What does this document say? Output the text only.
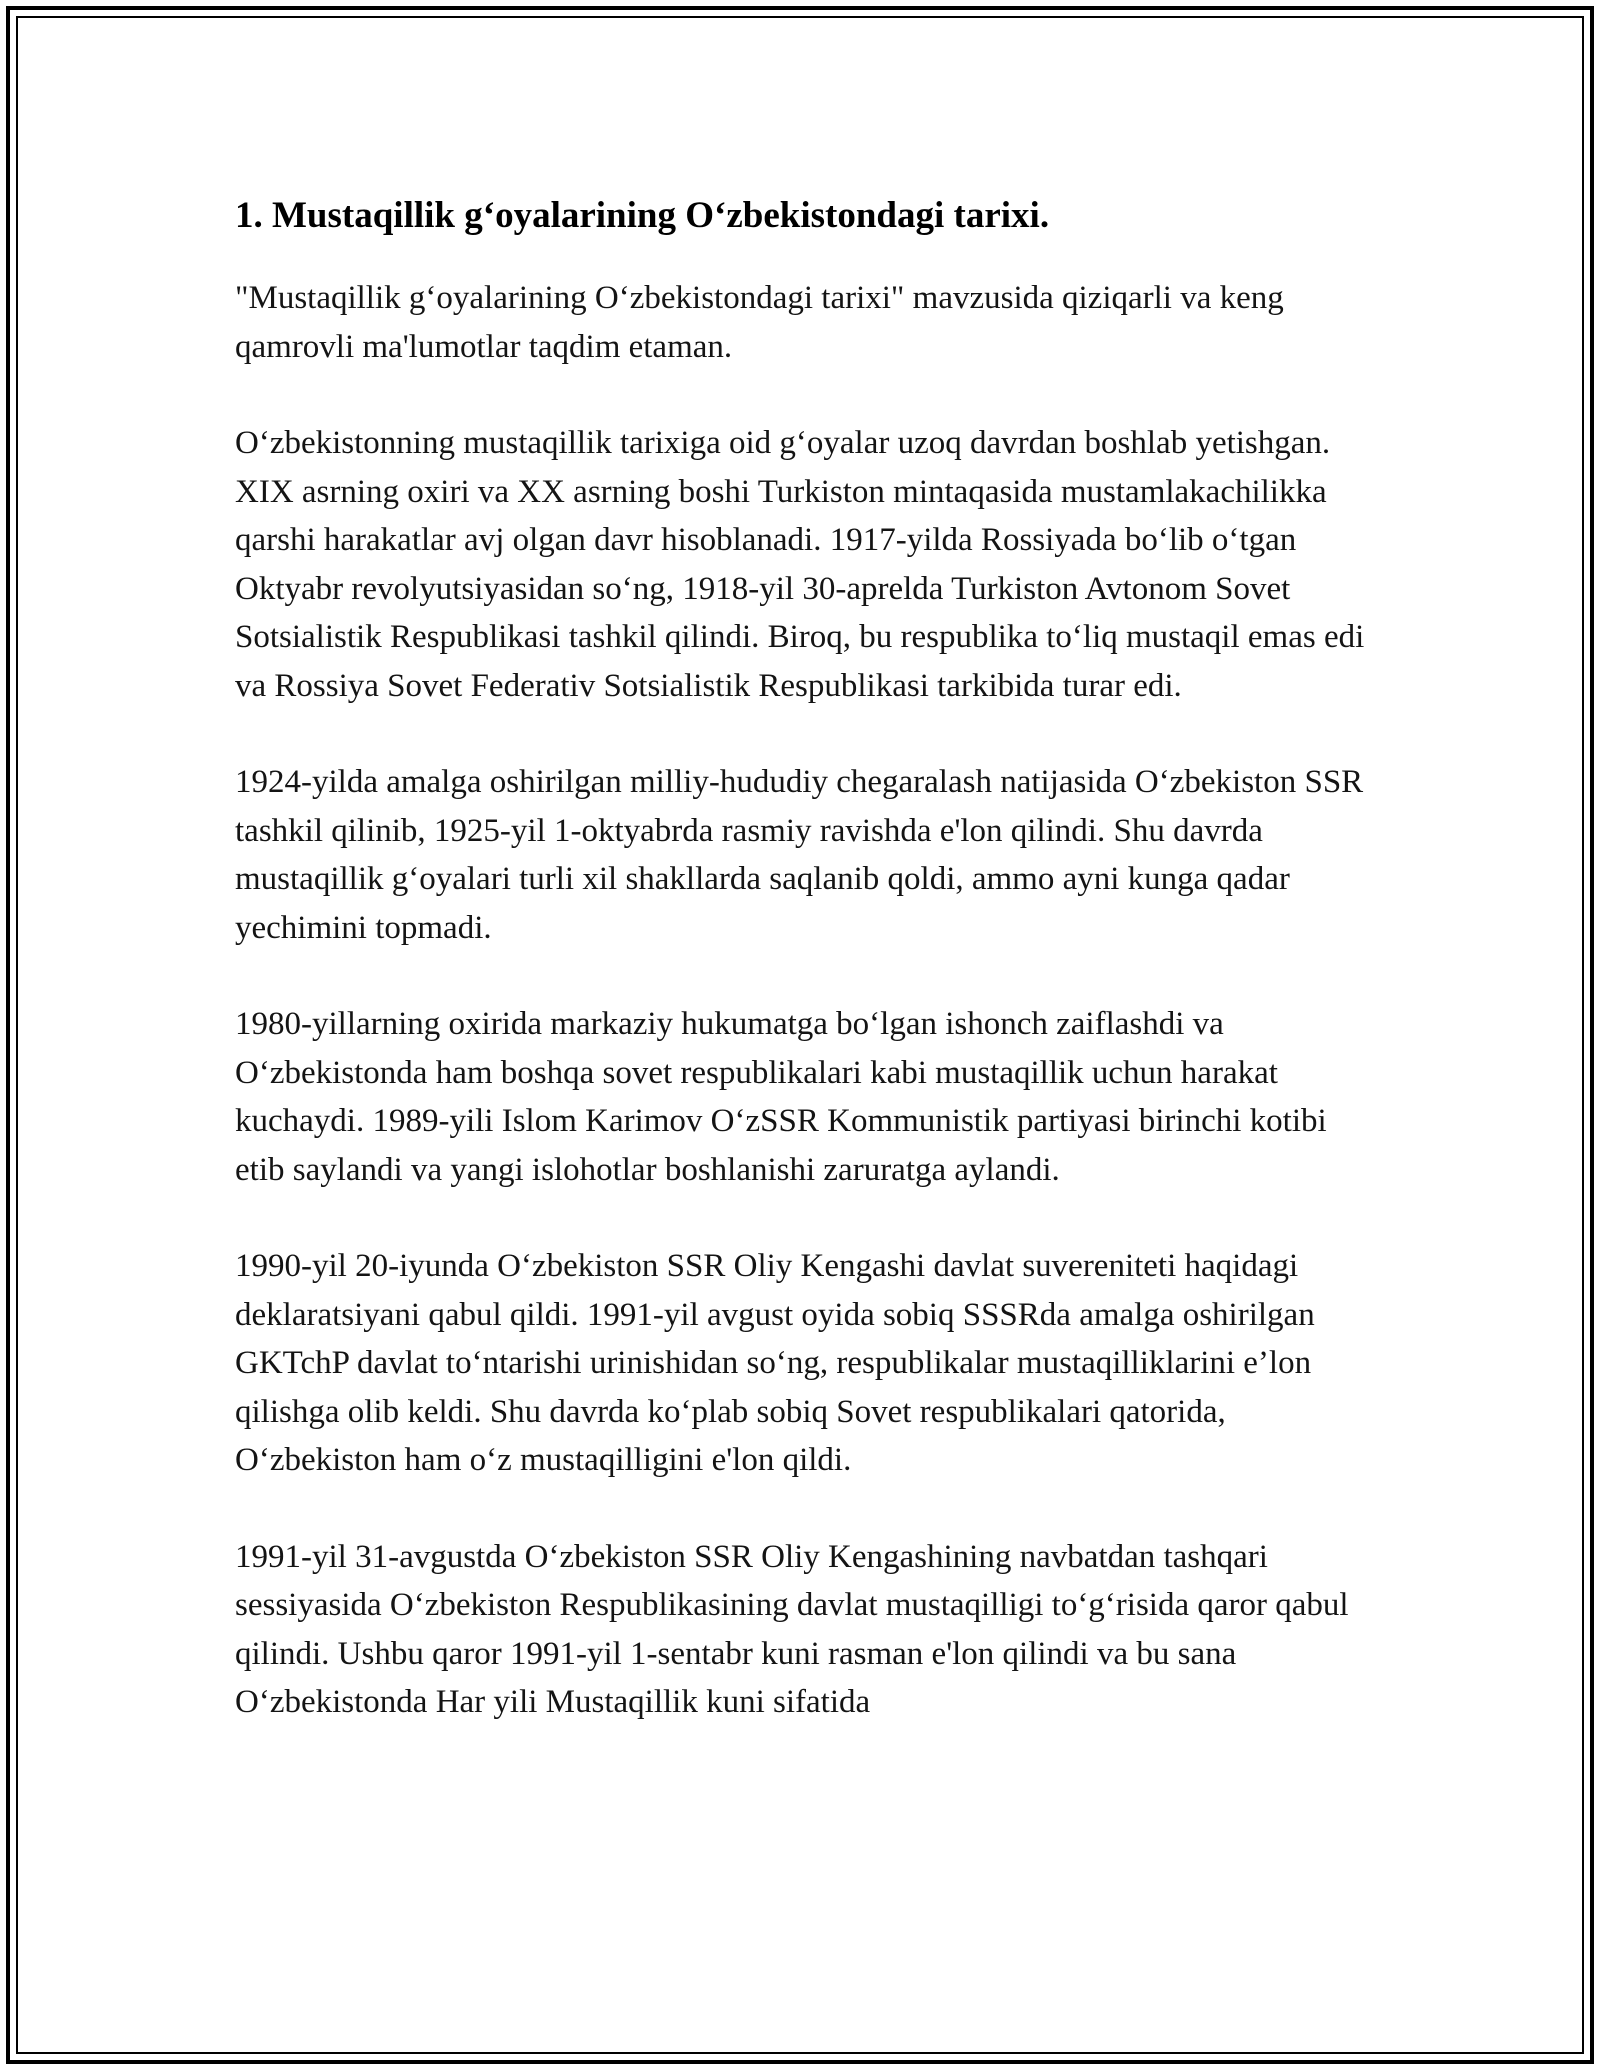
1. Mustaqillik g‘oyalarining O‘zbekistondagi tarixi.

"Mustaqillik g‘oyalarining O‘zbekistondagi tarixi" mavzusida qiziqarli va keng qamrovli ma'lumotlar taqdim etaman.

O‘zbekistonning mustaqillik tarixiga oid g‘oyalar uzoq davrdan boshlab yetishgan. XIX asrning oxiri va XX asrning boshi Turkiston mintaqasida mustamlakachilikka qarshi harakatlar avj olgan davr hisoblanadi. 1917-yilda Rossiyada bo‘lib o‘tgan Oktyabr revolyutsiyasidan so‘ng, 1918-yil 30-aprelda Turkiston Avtonom Sovet Sotsialistik Respublikasi tashkil qilindi. Biroq, bu respublika to‘liq mustaqil emas edi va Rossiya Sovet Federativ Sotsialistik Respublikasi tarkibida turar edi.

1924-yilda amalga oshirilgan milliy-hududiy chegaralash natijasida O‘zbekiston SSR tashkil qilinib, 1925-yil 1-oktyabrda rasmiy ravishda e'lon qilindi. Shu davrda mustaqillik g‘oyalari turli xil shakllarda saqlanib qoldi, ammo ayni kunga qadar yechimini topmadi.

1980-yillarning oxirida markaziy hukumatga bo‘lgan ishonch zaiflashdi va O‘zbekistonda ham boshqa sovet respublikalari kabi mustaqillik uchun harakat kuchaydi. 1989-yili Islom Karimov O‘zSSR Kommunistik partiyasi birinchi kotibi etib saylandi va yangi islohotlar boshlanishi zaruratga aylandi.

1990-yil 20-iyunda O‘zbekiston SSR Oliy Kengashi davlat suvereniteti haqidagi deklaratsiyani qabul qildi. 1991-yil avgust oyida sobiq SSSRda amalga oshirilgan GKTchP davlat to‘ntarishi urinishidan so‘ng, respublikalar mustaqilliklarini e’lon qilishga olib keldi. Shu davrda ko‘plab sobiq Sovet respublikalari qatorida, O‘zbekiston ham o‘z mustaqilligini e'lon qildi.

1991-yil 31-avgustda O‘zbekiston SSR Oliy Kengashining navbatdan tashqari sessiyasida O‘zbekiston Respublikasining davlat mustaqilligi to‘g‘risida qaror qabul qilindi. Ushbu qaror 1991-yil 1-sentabr kuni rasman e'lon qilindi va bu sana O‘zbekistonda Har yili Mustaqillik kuni sifatida
